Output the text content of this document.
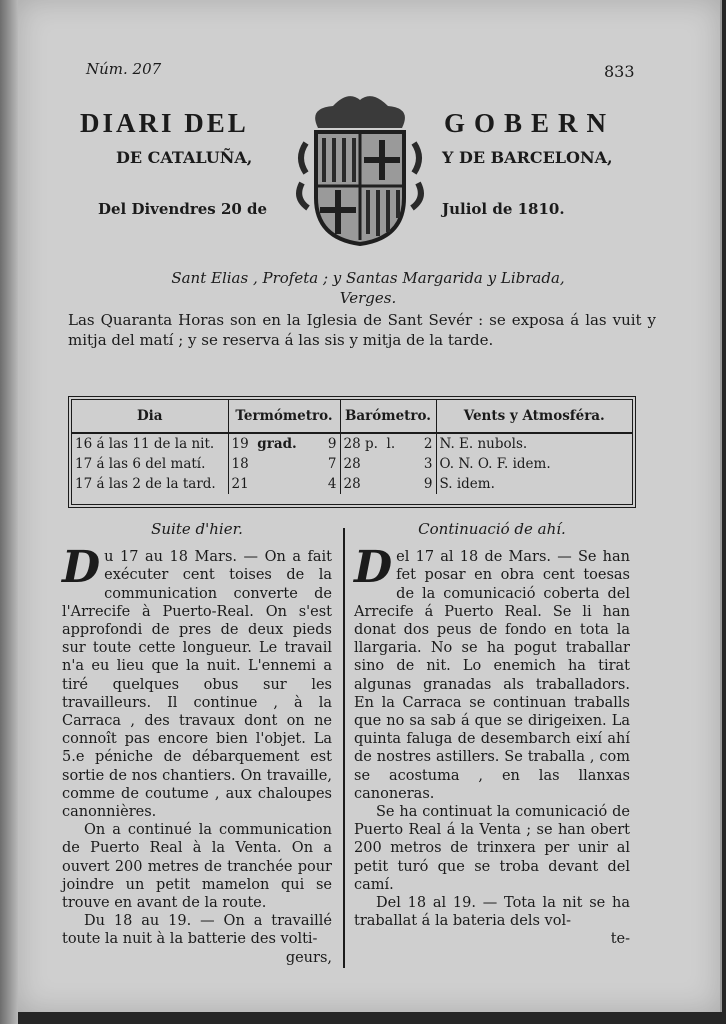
Núm. 207	833
DIARI DEL	GOBERN
DE CATALUÑA,	Y DE BARCELONA,
Del Divendres 20 de	Juliol de 1810.
Sant Elias , Profeta ; y Santas Margarida y Librada,
Verges.

Las Quaranta Horas son en la Iglesia de Sant Sevér : se exposa á las vuit y mitja del matí ; y se reserva á las sis y mitja de la tarde.

Dia	Termómetro.	Barómetro.	Vents y Atmosféra.
16 á las 11 de la nit.	19 grad. 9	28 p. l. 2	N. E. nubols.
17 á las 6 del matí.	18 7	28 3	O. N. O. F. idem.
17 á las 2 de la tard.	21 4	28 9	S. idem.
Suite d'hier.

Du 17 au 18 Mars. — On a fait exécuter cent toises de la communication converte de l'Arrecife à Puerto-Real. On s'est approfondi de pres de deux pieds sur toute cette longueur. Le travail n'a eu lieu que la nuit. L'ennemi a tiré quelques obus sur les travailleurs. Il continue , à la Carraca , des travaux dont on ne connoît pas encore bien l'objet. La 5.e péniche de débarquement est sortie de nos chantiers. On travaille, comme de coutume , aux chaloupes canonnières.

On a continué la communication de Puerto Real à la Venta. On a ouvert 200 metres de tranchée pour joindre un petit mamelon qui se trouve en avant de la route.

Du 18 au 19. — On a travaillé toute la nuit à la batterie des volti-

geurs,

Continuació de ahí.

Del 17 al 18 de Mars. — Se han fet posar en obra cent toesas de la comunicació coberta del Arrecife á Puerto Real. Se li han donat dos peus de fondo en tota la llargaria. No se ha pogut traballar sino de nit. Lo enemich ha tirat algunas granadas als traballadors. En la Carraca se continuan traballs que no sa sab á que se dirigeixen. La quinta faluga de desembarch eixí ahí de nostres astillers. Se traballa , com se acostuma , en las llanxas canoneras.

Se ha continuat la comunicació de Puerto Real á la Venta ; se han obert 200 metros de trinxera per unir al petit turó que se troba devant del camí.

Del 18 al 19. — Tota la nit se ha traballat á la bateria dels vol-

te-
